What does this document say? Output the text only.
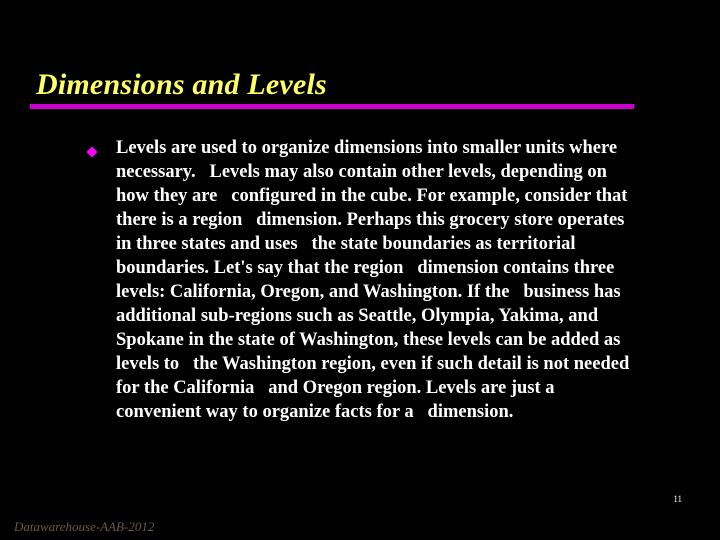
Dimensions and Levels

Levels are used to organize dimensions into smaller units where
necessary.   Levels may also contain other levels, depending on
how they are   configured in the cube. For example, consider that
there is a region   dimension. Perhaps this grocery store operates
in three states and uses   the state boundaries as territorial
boundaries. Let's say that the region   dimension contains three
levels: California, Oregon, and Washington. If the   business has
additional sub-regions such as Seattle, Olympia, Yakima, and
Spokane in the state of Washington, these levels can be added as
levels to   the Washington region, even if such detail is not needed
for the California   and Oregon region. Levels are just a
convenient way to organize facts for a   dimension.

11
Datawarehouse-AAB-2012
